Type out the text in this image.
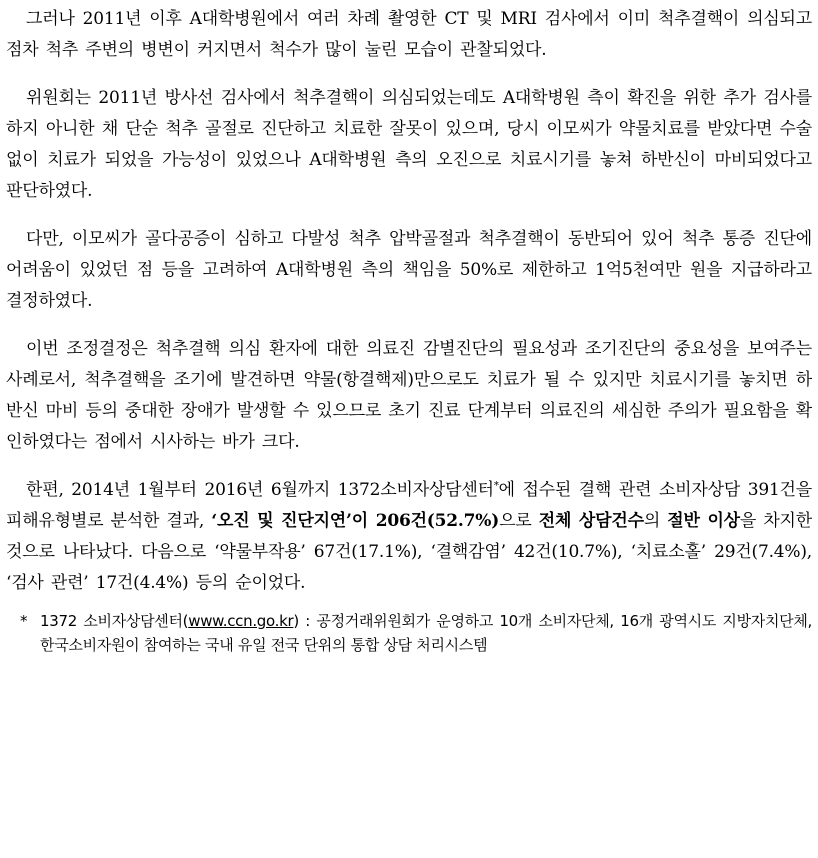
그러나 2011년 이후 A대학병원에서 여러 차례 촬영한 CT 및 MRI 검사에서 이미 척추결핵이 의심되고 점차 척추 주변의 병변이 커지면서 척수가 많이 눌린 모습이 관찰되었다.

위원회는 2011년 방사선 검사에서 척추결핵이 의심되었는데도 A대학병원 측이 확진을 위한 추가 검사를 하지 아니한 채 단순 척추 골절로 진단하고 치료한 잘못이 있으며, 당시 이모씨가 약물치료를 받았다면 수술 없이 치료가 되었을 가능성이 있었으나 A대학병원 측의 오진으로 치료시기를 놓쳐 하반신이 마비되었다고 판단하였다.

다만, 이모씨가 골다공증이 심하고 다발성 척추 압박골절과 척추결핵이 동반되어 있어 척추 통증 진단에 어려움이 있었던 점 등을 고려하여 A대학병원 측의 책임을 50%로 제한하고 1억5천여만 원을 지급하라고 결정하였다.

이번 조정결정은 척추결핵 의심 환자에 대한 의료진 감별진단의 필요성과 조기진단의 중요성을 보여주는 사례로서, 척추결핵을 조기에 발견하면 약물(항결핵제)만으로도 치료가 될 수 있지만 치료시기를 놓치면 하반신 마비 등의 중대한 장애가 발생할 수 있으므로 초기 진료 단계부터 의료진의 세심한 주의가 필요함을 확인하였다는 점에서 시사하는 바가 크다.

한편, 2014년 1월부터 2016년 6월까지 1372소비자상담센터*에 접수된 결핵 관련 소비자상담 391건을 피해유형별로 분석한 결과, ‘오진 및 진단지연’이 206건(52.7%)으로 전체 상담건수의 절반 이상을 차지한 것으로 나타났다. 다음으로 ‘약물부작용’ 67건(17.1%), ‘결핵감염’ 42건(10.7%), ‘치료소홀’ 29건(7.4%), ‘검사 관련’ 17건(4.4%) 등의 순이었다.

* 1372 소비자상담센터(www.ccn.go.kr) : 공정거래위원회가 운영하고 10개 소비자단체, 16개 광역시도 지방자치단체, 한국소비자원이 참여하는 국내 유일 전국 단위의 통합 상담 처리시스템
